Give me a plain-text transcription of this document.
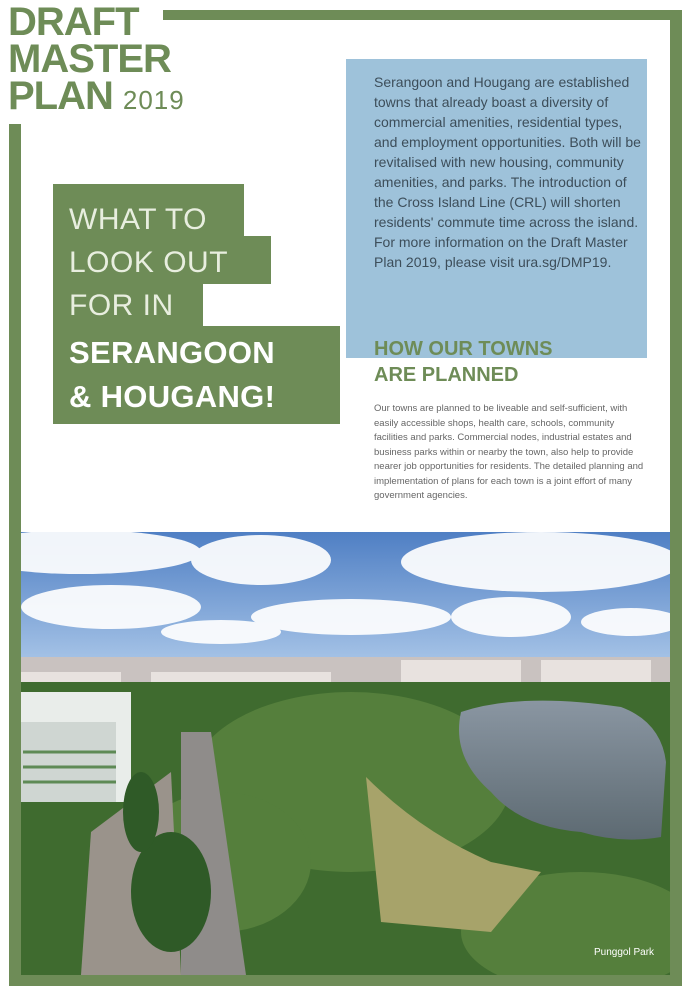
DRAFT
MASTER
PLAN 2019
WHAT TO
LOOK OUT
FOR IN
SERANGOON
& HOUGANG!
Serangoon and Hougang are established towns that already boast a diversity of commercial amenities, residential types, and employment opportunities. Both will be revitalised with new housing, community amenities, and parks. The introduction of the Cross Island Line (CRL) will shorten residents' commute time across the island. For more information on the Draft Master Plan 2019, please visit ura.sg/DMP19.
HOW OUR TOWNS
ARE PLANNED
Our towns are planned to be liveable and self-sufficient, with easily accessible shops, health care, schools, community facilities and parks. Commercial nodes, industrial estates and business parks within or nearby the town, also help to provide nearer job opportunities for residents. The detailed planning and implementation of plans for each town is a joint effort of many government agencies.
Punggol Park
